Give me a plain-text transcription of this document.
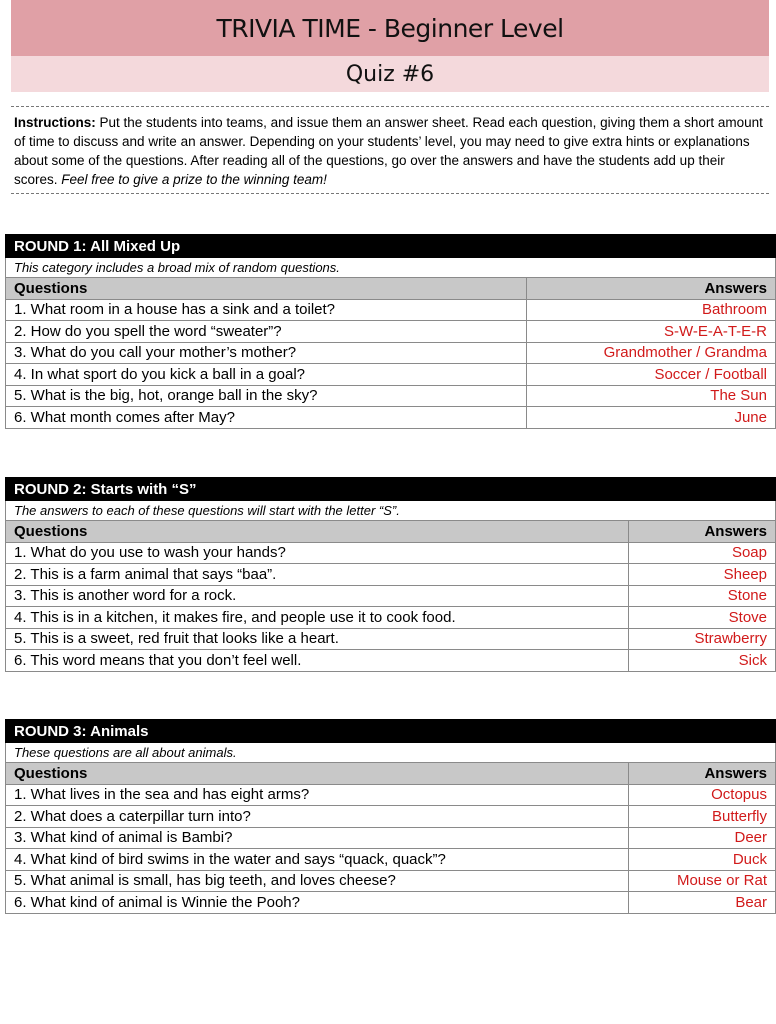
TRIVIA TIME - Beginner Level
Quiz #6
Instructions: Put the students into teams, and issue them an answer sheet. Read each question, giving them a short amount of time to discuss and write an answer. Depending on your students’ level, you may need to give extra hints or explanations about some of the questions. After reading all of the questions, go over the answers and have the students add up their scores. Feel free to give a prize to the winning team!
ROUND 1: All Mixed Up	
This category includes a broad mix of random questions.	
Questions	Answers
1. What room in a house has a sink and a toilet?	Bathroom
2. How do you spell the word “sweater”?	S-W-E-A-T-E-R
3. What do you call your mother’s mother?	Grandmother / Grandma
4. In what sport do you kick a ball in a goal?	Soccer / Football
5. What is the big, hot, orange ball in the sky?	The Sun
6. What month comes after May?	June
ROUND 2: Starts with “S”	
The answers to each of these questions will start with the letter “S”.	
Questions	Answers
1. What do you use to wash your hands?	Soap
2. This is a farm animal that says “baa”.	Sheep
3. This is another word for a rock.	Stone
4. This is in a kitchen, it makes fire, and people use it to cook food.	Stove
5. This is a sweet, red fruit that looks like a heart.	Strawberry
6. This word means that you don’t feel well.	Sick
ROUND 3: Animals	
These questions are all about animals.	
Questions	Answers
1. What lives in the sea and has eight arms?	Octopus
2. What does a caterpillar turn into?	Butterfly
3. What kind of animal is Bambi?	Deer
4. What kind of bird swims in the water and says “quack, quack”?	Duck
5. What animal is small, has big teeth, and loves cheese?	Mouse or Rat
6. What kind of animal is Winnie the Pooh?	Bear
